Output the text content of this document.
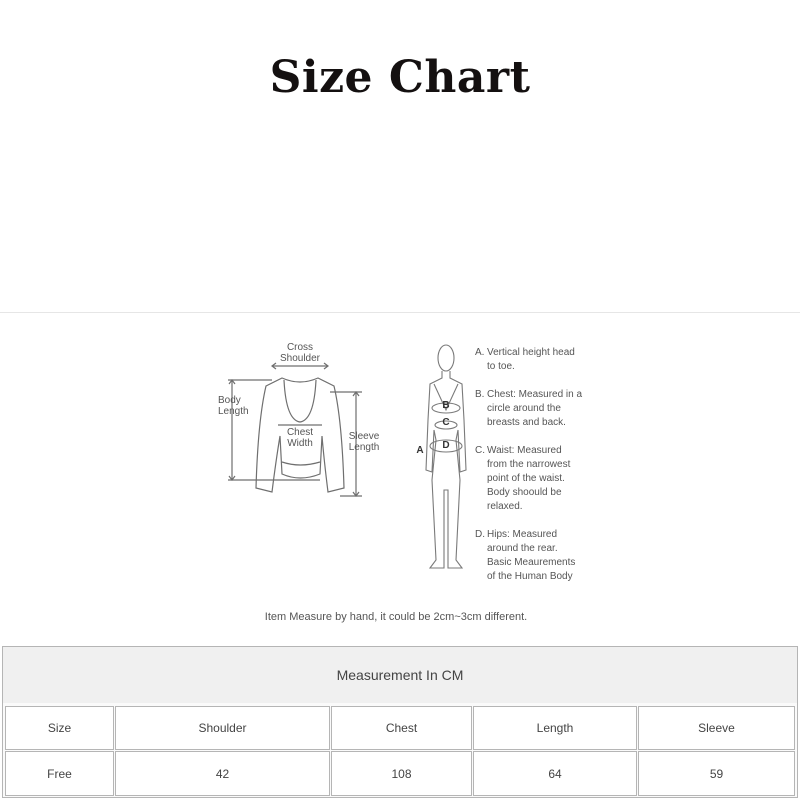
Size Chart
Cross
Shoulder
Body
Length
Chest
Width
Sleeve
Length	A
B
C
D
A. Vertical height head
to toe.
B. Chest: Measured in a
circle around the
breasts and back.
C. Waist: Measured
from the narrowest
point of the waist.
Body shoould be
relaxed.
D. Hips: Measured
around the rear.
Basic Meaurements
of the Human Body
Item Measure by hand, it could be 2cm~3cm different.
Measurement In CM
Size	Shoulder	Chest	Length	Sleeve
Free	42	108	64	59
